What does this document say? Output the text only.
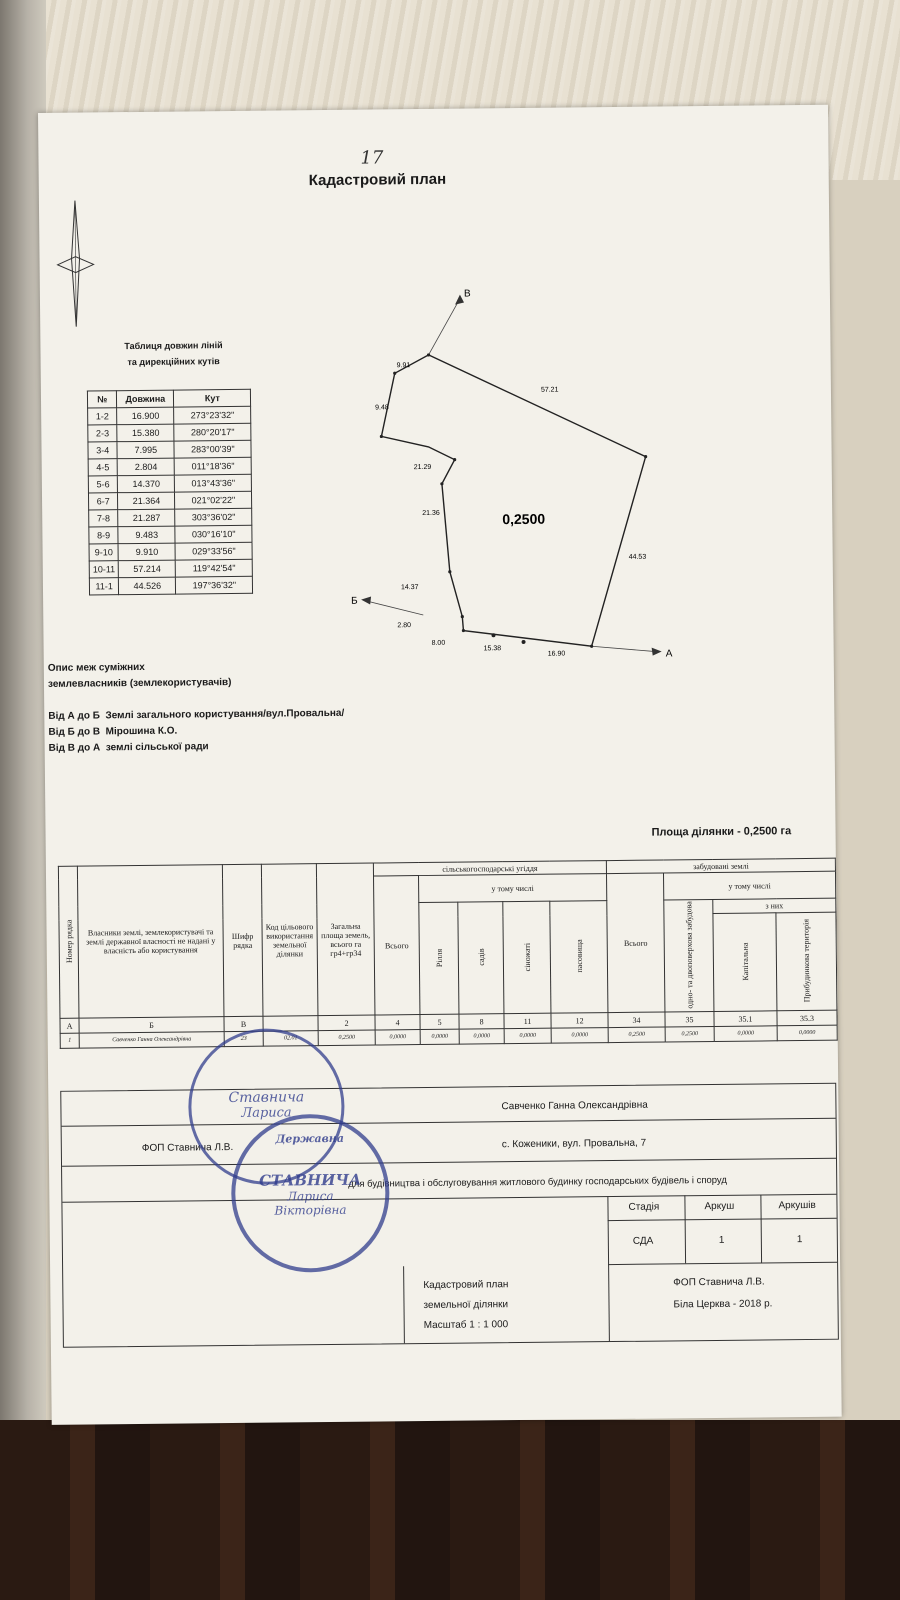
17
Кадастровий план
Таблиця довжин ліній
та дирекційних кутів
№	Довжина	Кут
1-2	16.900	273°23'32"
2-3	15.380	280°20'17"
3-4	7.995	283°00'39"
4-5	2.804	011°18'36"
5-6	14.370	013°43'36"
6-7	21.364	021°02'22"
7-8	21.287	303°36'02"
8-9	9.483	030°16'10"
9-10	9.910	029°33'56"
10-11	57.214	119°42'54"
11-1	44.526	197°36'32"
0,2500
В
Б
А
9.91
9.48
57.21
21.29
21.36
44.53
14.37
2.80
8.00
15.38
16.90
Опис меж суміжних
землевласників (землекористувачів)
Від А до Б Землі загального користування/вул.Провальна/
Від Б до В Мірошина К.О.
Від В до А землі сільської ради
Площа ділянки - 0,2500 га
Номер рядка	Власники землі, землекористувачі та землі державної власності не надані у власність або користування	Шифр рядка	Код цільового використання земельної ділянки	Загальна площа земель, всього га гр4+гр34	сільськогосподарські угіддя					забудовані землі			
					Всього	у тому числі				Всього	у тому числі		
						Рілля	садів	сіножаті	пасовища		одно- та двоповерхова забудова	з них	
												Капітальна	Прибудинкова територія
А	Б	В		2	4	5	8	11	12	34	35	35.1	35.3
1	Савченко Ганна Олександрівна	23	02.01	0,2500	0,0000	0,0000	0,0000	0,0000	0,0000	0,2500	0,2500	0,0000	0,0000
Савченко Ганна Олександрівна
ФОП Ставнича Л.В.	с. Коженики, вул. Провальна, 7
для будівництва і обслуговування житлового будинку господарських будівель і споруд
Стадія	Аркуш	Аркушів
СДА	1	1
Кадастровий план
земельної ділянки
Масштаб 1 : 1 000
ФОП Ставнича Л.В.
Біла Церква - 2018 р.
Ставнича
Лариса
Державна
СТАВНИЧА
Лариса
Вікторівна
